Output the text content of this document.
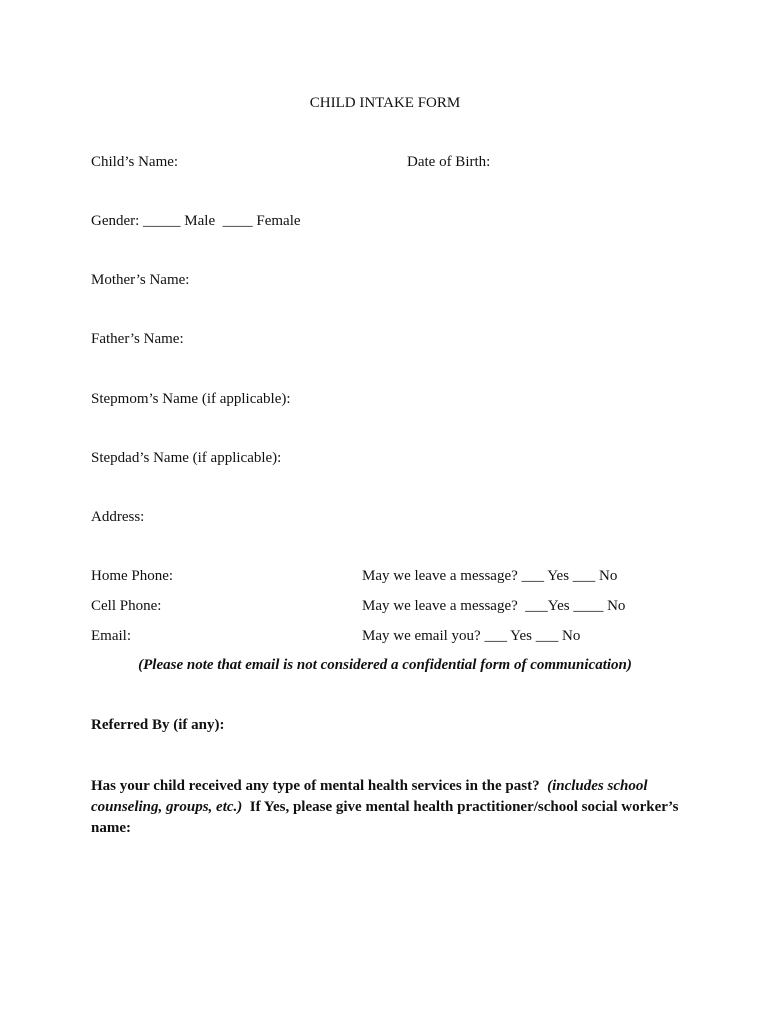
CHILD INTAKE FORM
Child’s Name:	Date of Birth:
Gender: _____ Male  ____ Female
Mother’s Name:
Father’s Name:
Stepmom’s Name (if applicable):
Stepdad’s Name (if applicable):
Address:
Home Phone:	May we leave a message? ___ Yes ___ No
Cell Phone:	May we leave a message?  ___Yes ____ No
Email:	May we email you? ___ Yes ___ No
(Please note that email is not considered a confidential form of communication)
Referred By (if any):
Has your child received any type of mental health services in the past? (includes school counseling, groups, etc.) If Yes, please give mental health practitioner/school social worker’s name:
